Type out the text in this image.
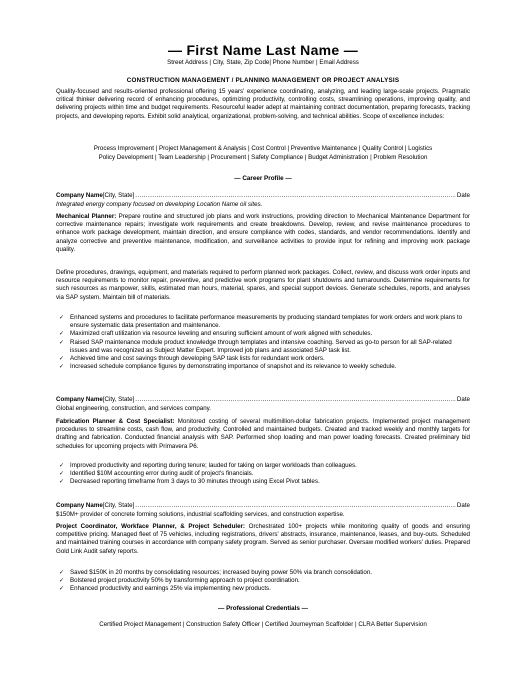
— First Name Last Name —
Street Address | City, State, Zip Code| Phone Number | Email Address
CONSTRUCTION MANAGEMENT / PLANNING MANAGEMENT OR PROJECT ANALYSIS
Quality-focused and results-oriented professional offering 15 years' experience coordinating, analyzing, and leading large-scale projects. Pragmatic critical thinker delivering record of enhancing procedures, optimizing productivity, controlling costs, streamlining operations, improving quality, and delivering projects within time and budget requirements. Resourceful leader adept at maintaining contract documentation, preparing forecasts, tracking projects, and developing reports. Exhibit solid analytical, organizational, problem-solving, and technical abilities. Scope of excellence includes:
Process Improvement | Project Management & Analysis | Cost Control | Preventive Maintenance | Quality Control | Logistics
Policy Development | Team Leadership | Procurement | Safety Compliance | Budget Administration | Problem Resolution
— Career Profile —
Company Name [City, State] .....	Date
Integrated energy company focused on developing Location Name oil sites.
Mechanical Planner: Prepare routine and structured job plans and work instructions, providing direction to Mechanical Maintenance Department for corrective maintenance repairs; investigate work requirements and create breakdowns. Develop, review, and revise maintenance procedures to enhance work package development, maintain direction, and ensure compliance with codes, standards, and vendor recommendations. Identify and analyze corrective and preventive maintenance, modification, and surveillance activities to provide input for refining and improving work package quality.
Define procedures, drawings, equipment, and materials required to perform planned work packages. Collect, review, and discuss work order inputs and resource requirements to monitor repair, preventive, and predictive work programs for plant shutdowns and turnarounds. Determine requirements for such resources as manpower, skills, estimated man hours, material, spares, and special support devices. Generate schedules, reports, and analyses via SAP system. Maintain bill of materials.
✓ Enhanced systems and procedures to facilitate performance measurements by producing standard templates for work orders and work plans to ensure systematic data presentation and maintenance.
✓ Maximized craft utilization via resource leveling and ensuring sufficient amount of work aligned with schedules.
✓ Raised SAP maintenance module product knowledge through templates and intensive coaching. Served as go-to person for all SAP-related issues and was recognized as Subject Matter Expert. Improved job plans and associated SAP task list.
✓ Achieved time and cost savings through developing SAP task lists for redundant work orders.
✓ Increased schedule compliance figures by demonstrating importance of snapshot and its relevance to weekly schedule.
Company Name [City, State] .....	Date
Global engineering, construction, and services company.
Fabrication Planner & Cost Specialist: Monitored costing of several multimillion-dollar fabrication projects. Implemented project management procedures to streamline costs, cash flow, and productivity. Controlled and maintained budgets. Created and tracked weekly and monthly targets for drafting and fabrication. Conducted financial analysis with SAP. Performed shop loading and man power loading forecasts. Created preliminary bid schedules for upcoming projects with Primavera P6.
✓ Improved productivity and reporting during tenure; lauded for taking on larger workloads than colleagues.
✓ Identified $10M accounting error during audit of project's financials.
✓ Decreased reporting timeframe from 3 days to 30 minutes through using Excel Pivot tables.
Company Name [City, State] .....	Date
$150M+ provider of concrete forming solutions, industrial scaffolding services, and construction expertise.
Project Coordinator, Workface Planner, & Project Scheduler: Orchestrated 100+ projects while monitoring quality of goods and ensuring competitive pricing. Managed fleet of 75 vehicles, including registrations, drivers' abstracts, insurance, maintenance, leases, and buy-outs. Scheduled and maintained training courses in accordance with company safety program. Served as senior purchaser. Oversaw modified workers' duties. Prepared Gold Link Audit safety reports.
✓ Saved $150K in 20 months by consolidating resources; increased buying power 50% via branch consolidation.
✓ Bolstered project productivity 50% by transforming approach to project coordination.
✓ Enhanced productivity and earnings 25% via implementing new products.
— Professional Credentials —
Certified Project Management | Construction Safety Officer | Certified Journeyman Scaffolder | CLRA Better Supervision
